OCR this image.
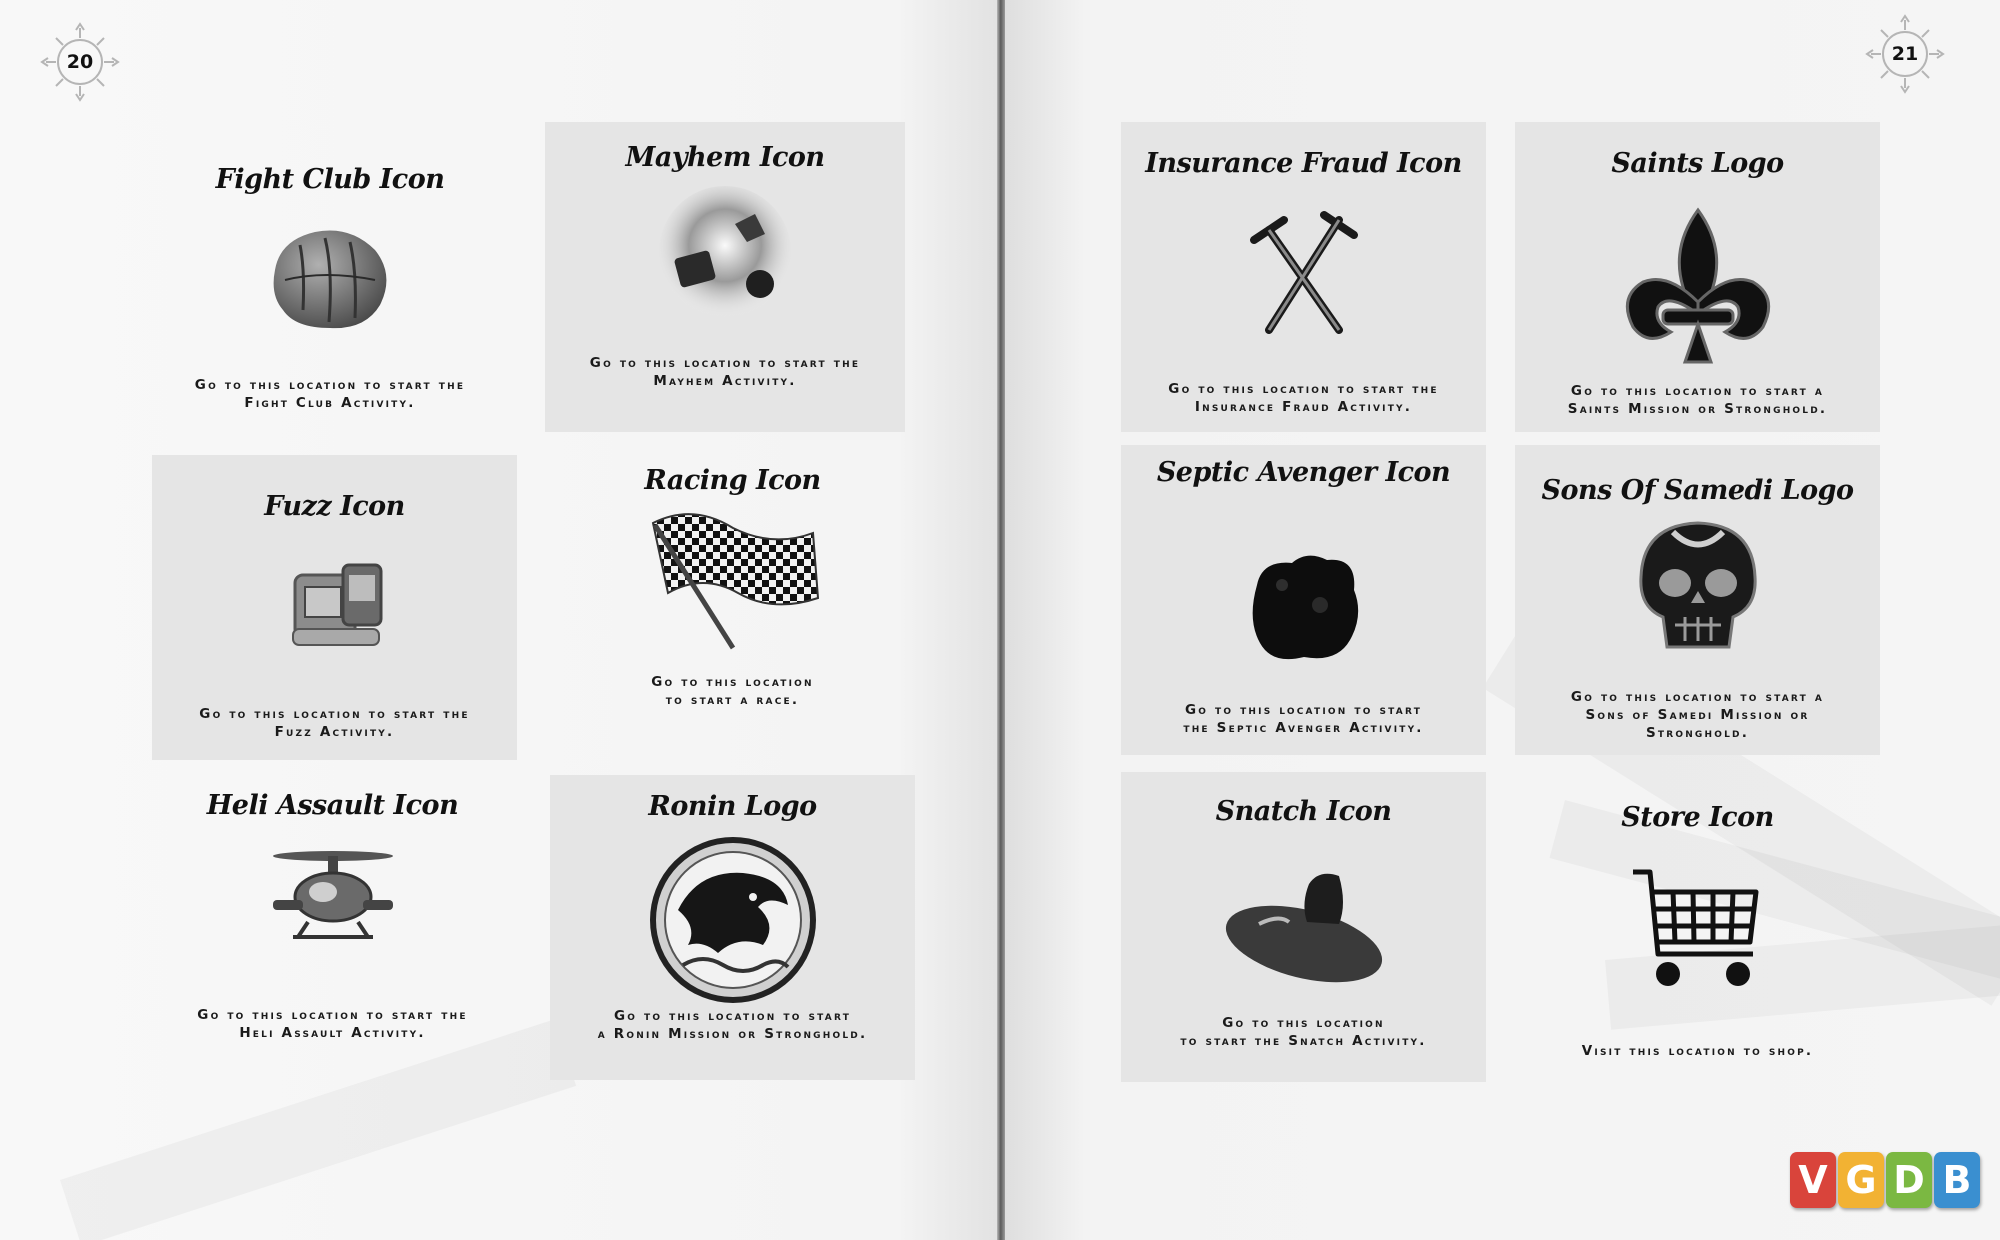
20
Fight Club Icon
Go to this location to start the
Fight Club Activity.
Mayhem Icon
Go to this location to start the
Mayhem Activity.
Fuzz Icon
Go to this location to start the
Fuzz Activity.
Racing Icon
Go to this location
to start a race.
Heli Assault Icon
Go to this location to start the
Heli Assault Activity.
Ronin Logo
Go to this location to start
a Ronin Mission or Stronghold.
21
Insurance Fraud Icon
Go to this location to start the
Insurance Fraud Activity.
Saints Logo
Go to this location to start a
Saints Mission or Stronghold.
Septic Avenger Icon
Go to this location to start
the Septic Avenger Activity.
Sons Of Samedi Logo
Go to this location to start a
Sons of Samedi Mission or
Stronghold.
Snatch Icon
Go to this location
to start the Snatch Activity.
Store Icon
Visit this location to shop.
V G D B
